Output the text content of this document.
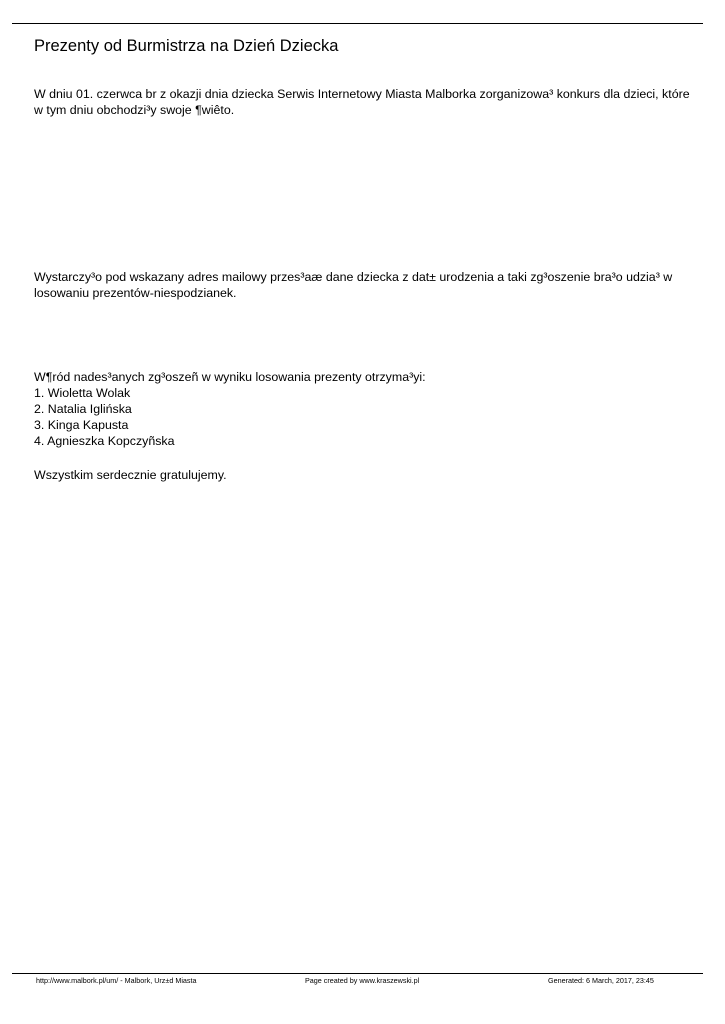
Prezenty od Burmistrza na Dzień Dziecka

W dniu 01. czerwca br z okazji dnia dziecka Serwis Internetowy Miasta Malborka zorganizowa³ konkurs dla dzieci, które
w tym dniu obchodzi³y swoje ¶wiêto.

Wystarczy³o pod wskazany adres mailowy przes³aæ dane dziecka z dat± urodzenia a taki zg³oszenie bra³o udzia³ w
losowaniu prezentów-niespodzianek.

W¶ród nades³anych zg³oszeñ w wyniku losowania prezenty otrzyma³yi:
1. Wioletta Wolak
2. Natalia Iglińska
3. Kinga Kapusta
4. Agnieszka Kopczyñska

Wszystkim serdecznie gratulujemy.

http://www.malbork.pl/um/ - Malbork, Urz±d Miasta	Page created by www.kraszewski.pl	Generated: 6 March, 2017, 23:45
